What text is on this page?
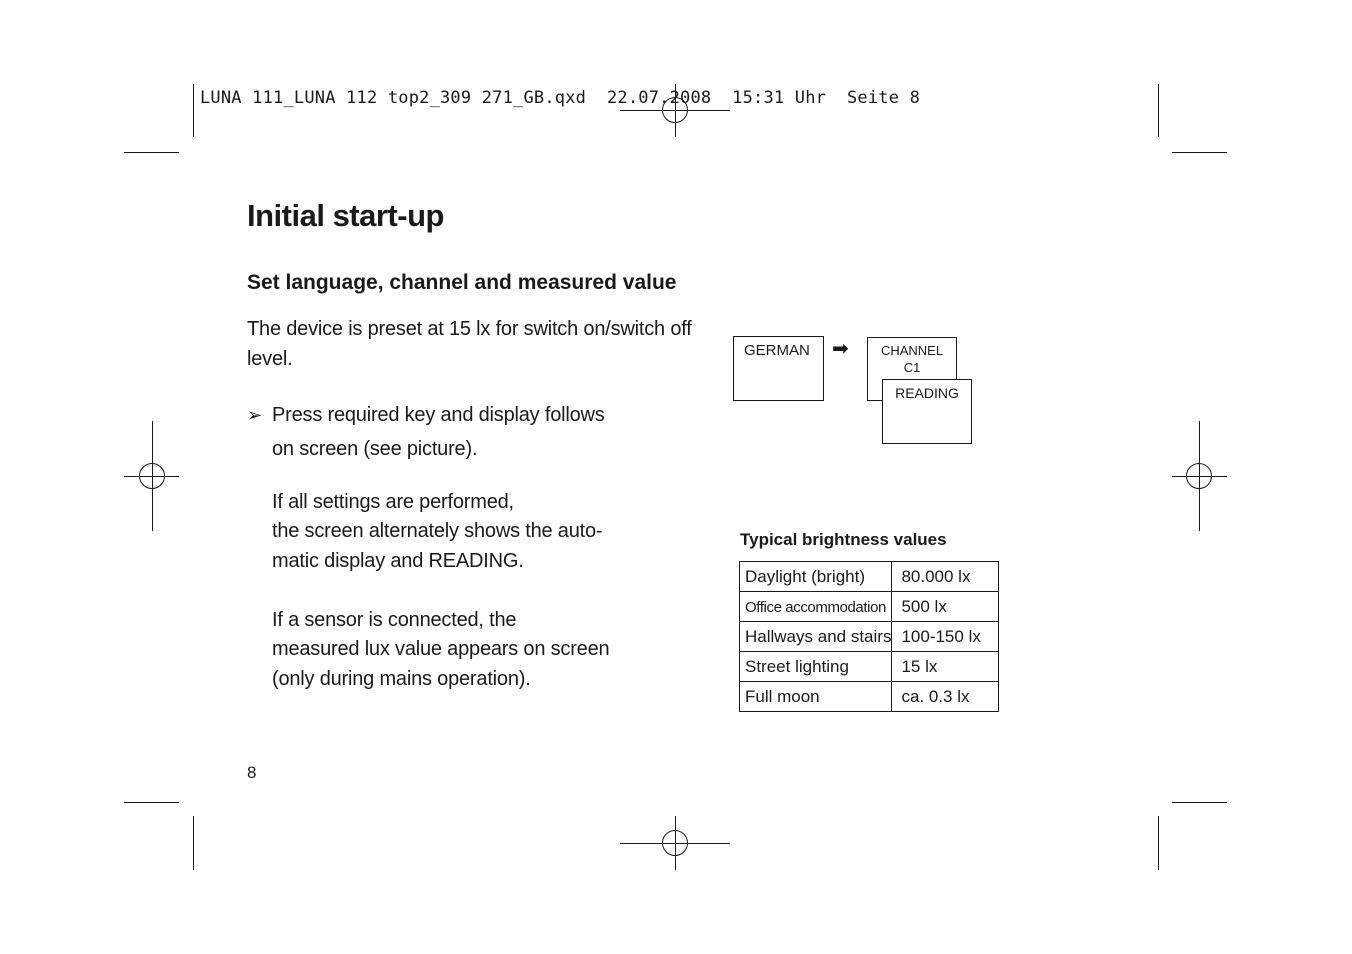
LUNA 111_LUNA 112 top2_309 271_GB.qxd  22.07.2008  15:31 Uhr  Seite 8
Initial start-up
Set language, channel and measured value

The device is preset at 15 lx for switch on/switch off

level.

➢ Press required key and display follows

on screen (see picture).

If all settings are performed,

the screen alternately shows the auto-

matic display and READING.

If a sensor is connected, the

measured lux value appears on screen

(only during mains operation).

GERMAN ➡	CHANNEL
C1
READING

Typical brightness values

Daylight (bright)	80.000 lx
Office accommodation	500 lx
Hallways and stairs	100-150 lx
Street lighting	15 lx
Full moon	ca. 0.3 lx

8
